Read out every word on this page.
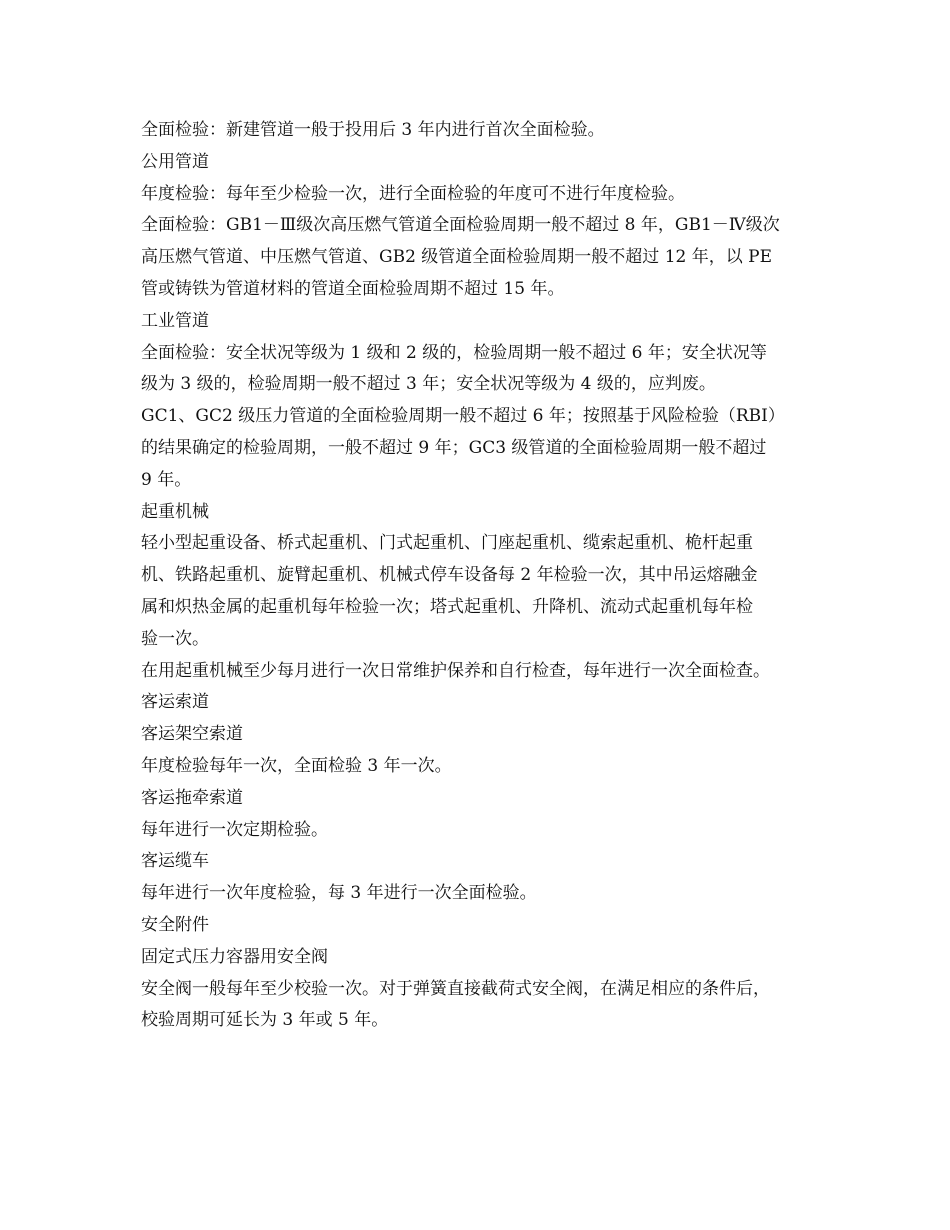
全面检验：新建管道一般于投用后 3 年内进行首次全面检验。
公用管道
年度检验：每年至少检验一次，进行全面检验的年度可不进行年度检验。
全面检验：GB1－Ⅲ级次高压燃气管道全面检验周期一般不超过 8 年，GB1－Ⅳ级次
高压燃气管道、中压燃气管道、GB2 级管道全面检验周期一般不超过 12 年，以 PE
管或铸铁为管道材料的管道全面检验周期不超过 15 年。
工业管道
全面检验：安全状况等级为 1 级和 2 级的，检验周期一般不超过 6 年；安全状况等
级为 3 级的，检验周期一般不超过 3 年；安全状况等级为 4 级的，应判废。
GC1、GC2 级压力管道的全面检验周期一般不超过 6 年；按照基于风险检验（RBI）
的结果确定的检验周期，一般不超过 9 年；GC3 级管道的全面检验周期一般不超过
9 年。
起重机械
轻小型起重设备、桥式起重机、门式起重机、门座起重机、缆索起重机、桅杆起重
机、铁路起重机、旋臂起重机、机械式停车设备每 2 年检验一次，其中吊运熔融金
属和炽热金属的起重机每年检验一次；塔式起重机、升降机、流动式起重机每年检
验一次。
在用起重机械至少每月进行一次日常维护保养和自行检查，每年进行一次全面检查。
客运索道
客运架空索道
年度检验每年一次，全面检验 3 年一次。
客运拖牵索道
每年进行一次定期检验。
客运缆车
每年进行一次年度检验，每 3 年进行一次全面检验。
安全附件
固定式压力容器用安全阀
安全阀一般每年至少校验一次。对于弹簧直接截荷式安全阀，在满足相应的条件后，
校验周期可延长为 3 年或 5 年。
